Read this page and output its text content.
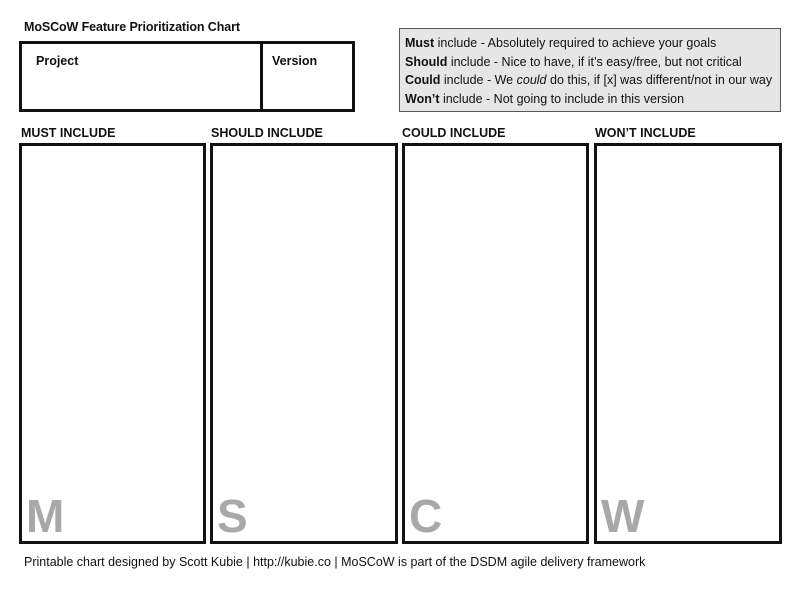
MoSCoW Feature Prioritization Chart
Project	Version
Must include - Absolutely required to achieve your goals
Should include - Nice to have, if it’s easy/free, but not critical
Could include - We could do this, if [x] was different/not in our way
Won’t include - Not going to include in this version
MUST INCLUDE	SHOULD INCLUDE	COULD INCLUDE	WON’T INCLUDE
M	S	C	W
Printable chart designed by Scott Kubie | http://kubie.co | MoSCoW is part of the DSDM agile delivery framework
